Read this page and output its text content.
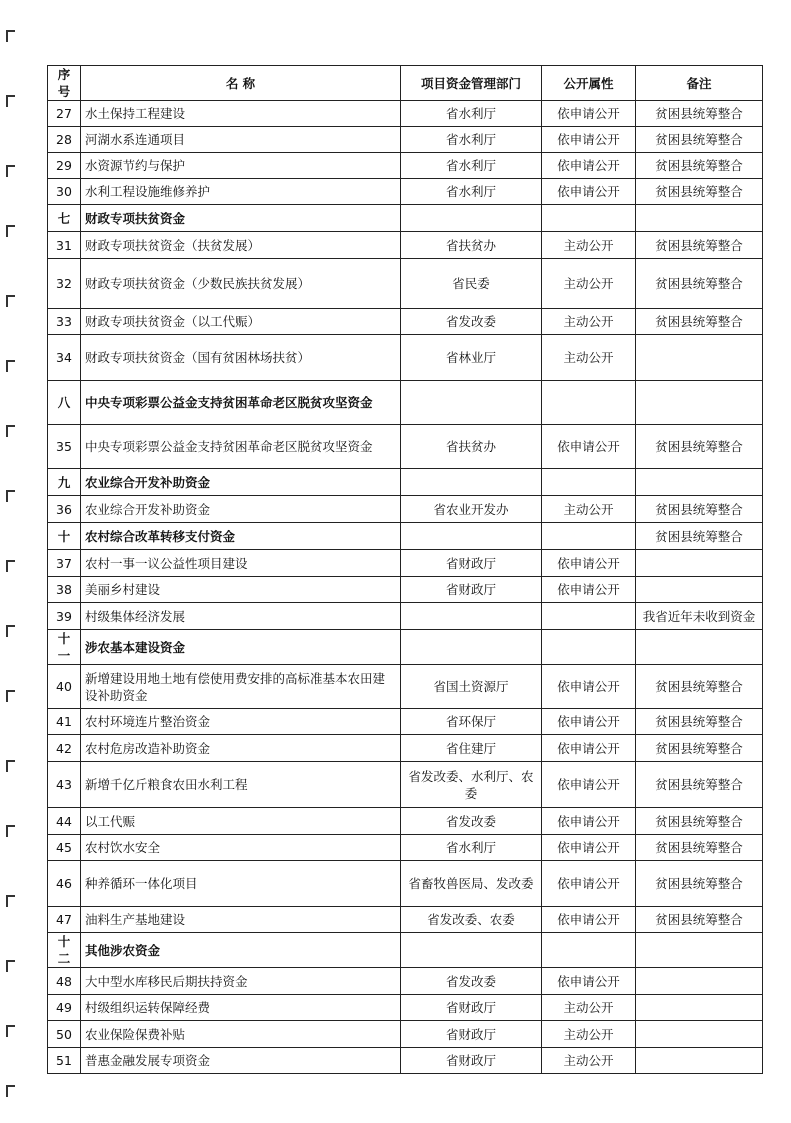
序号	名 称	项目资金管理部门	公开属性	备注
27	水土保持工程建设	省水利厅	依申请公开	贫困县统筹整合
28	河湖水系连通项目	省水利厅	依申请公开	贫困县统筹整合
29	水资源节约与保护	省水利厅	依申请公开	贫困县统筹整合
30	水利工程设施维修养护	省水利厅	依申请公开	贫困县统筹整合
七	财政专项扶贫资金			
31	财政专项扶贫资金（扶贫发展）	省扶贫办	主动公开	贫困县统筹整合
32	财政专项扶贫资金（少数民族扶贫发展）	省民委	主动公开	贫困县统筹整合
33	财政专项扶贫资金（以工代赈）	省发改委	主动公开	贫困县统筹整合
34	财政专项扶贫资金（国有贫困林场扶贫）	省林业厅	主动公开	
八	中央专项彩票公益金支持贫困革命老区脱贫攻坚资金			
35	中央专项彩票公益金支持贫困革命老区脱贫攻坚资金	省扶贫办	依申请公开	贫困县统筹整合
九	农业综合开发补助资金			
36	农业综合开发补助资金	省农业开发办	主动公开	贫困县统筹整合
十	农村综合改革转移支付资金			贫困县统筹整合
37	农村一事一议公益性项目建设	省财政厅	依申请公开	
38	美丽乡村建设	省财政厅	依申请公开	
39	村级集体经济发展			我省近年未收到资金
十一	涉农基本建设资金			
40	新增建设用地土地有偿使用费安排的高标准基本农田建设补助资金	省国土资源厅	依申请公开	贫困县统筹整合
41	农村环境连片整治资金	省环保厅	依申请公开	贫困县统筹整合
42	农村危房改造补助资金	省住建厅	依申请公开	贫困县统筹整合
43	新增千亿斤粮食农田水利工程	省发改委、水利厅、农委	依申请公开	贫困县统筹整合
44	以工代赈	省发改委	依申请公开	贫困县统筹整合
45	农村饮水安全	省水利厅	依申请公开	贫困县统筹整合
46	种养循环一体化项目	省畜牧兽医局、发改委	依申请公开	贫困县统筹整合
47	油料生产基地建设	省发改委、农委	依申请公开	贫困县统筹整合
十二	其他涉农资金			
48	大中型水库移民后期扶持资金	省发改委	依申请公开	
49	村级组织运转保障经费	省财政厅	主动公开	
50	农业保险保费补贴	省财政厅	主动公开	
51	普惠金融发展专项资金	省财政厅	主动公开	
